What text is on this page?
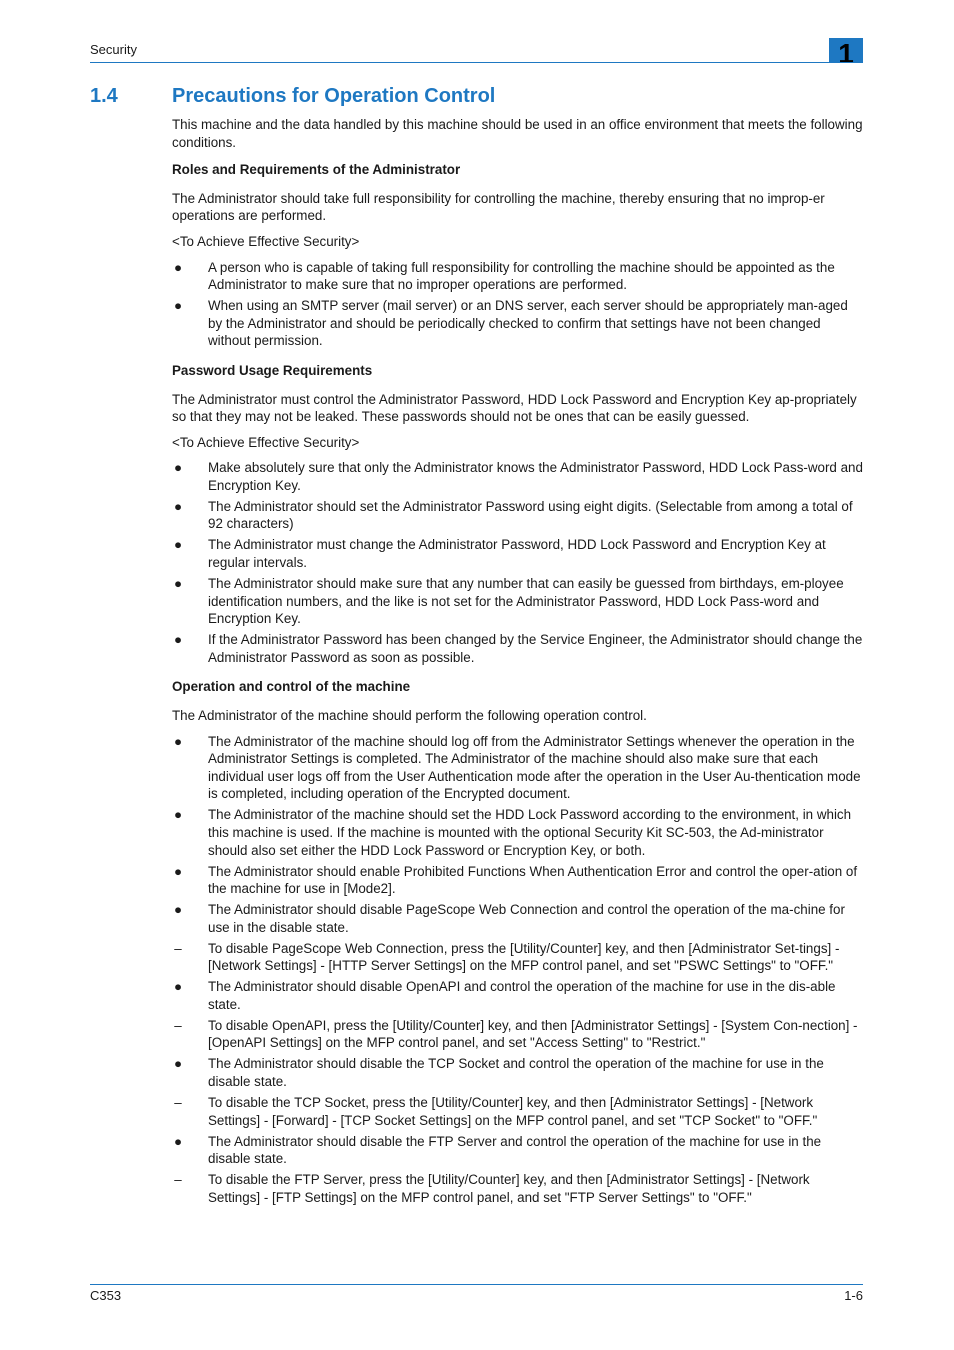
Security	1
1.4	Precautions for Operation Control

This machine and the data handled by this machine should be used in an office environment that meets the following conditions.

Roles and Requirements of the Administrator

The Administrator should take full responsibility for controlling the machine, thereby ensuring that no improp-er operations are performed.

<To Achieve Effective Security>

● A person who is capable of taking full responsibility for controlling the machine should be appointed as the Administrator to make sure that no improper operations are performed.
● When using an SMTP server (mail server) or an DNS server, each server should be appropriately man-aged by the Administrator and should be periodically checked to confirm that settings have not been changed without permission.
Password Usage Requirements

The Administrator must control the Administrator Password, HDD Lock Password and Encryption Key ap-propriately so that they may not be leaked. These passwords should not be ones that can be easily guessed.

<To Achieve Effective Security>

● Make absolutely sure that only the Administrator knows the Administrator Password, HDD Lock Pass-word and Encryption Key.
● The Administrator should set the Administrator Password using eight digits. (Selectable from among a total of 92 characters)
● The Administrator must change the Administrator Password, HDD Lock Password and Encryption Key at regular intervals.
● The Administrator should make sure that any number that can easily be guessed from birthdays, em-ployee identification numbers, and the like is not set for the Administrator Password, HDD Lock Pass-word and Encryption Key.
● If the Administrator Password has been changed by the Service Engineer, the Administrator should change the Administrator Password as soon as possible.
Operation and control of the machine

The Administrator of the machine should perform the following operation control.

● The Administrator of the machine should log off from the Administrator Settings whenever the operation in the Administrator Settings is completed. The Administrator of the machine should also make sure that each individual user logs off from the User Authentication mode after the operation in the User Au-thentication mode is completed, including operation of the Encrypted document.
● The Administrator of the machine should set the HDD Lock Password according to the environment, in which this machine is used. If the machine is mounted with the optional Security Kit SC-503, the Ad-ministrator should also set either the HDD Lock Password or Encryption Key, or both.
● The Administrator should enable Prohibited Functions When Authentication Error and control the oper-ation of the machine for use in [Mode2].
● The Administrator should disable PageScope Web Connection and control the operation of the ma-chine for use in the disable state.
– To disable PageScope Web Connection, press the [Utility/Counter] key, and then [Administrator Set-tings] - [Network Settings] - [HTTP Server Settings] on the MFP control panel, and set "PSWC Settings" to "OFF."
● The Administrator should disable OpenAPI and control the operation of the machine for use in the dis-able state.
– To disable OpenAPI, press the [Utility/Counter] key, and then [Administrator Settings] - [System Con-nection] - [OpenAPI Settings] on the MFP control panel, and set "Access Setting" to "Restrict."
● The Administrator should disable the TCP Socket and control the operation of the machine for use in the disable state.
– To disable the TCP Socket, press the [Utility/Counter] key, and then [Administrator Settings] - [Network Settings] - [Forward] - [TCP Socket Settings] on the MFP control panel, and set "TCP Socket" to "OFF."
● The Administrator should disable the FTP Server and control the operation of the machine for use in the disable state.
– To disable the FTP Server, press the [Utility/Counter] key, and then [Administrator Settings] - [Network Settings] - [FTP Settings] on the MFP control panel, and set "FTP Server Settings" to "OFF."
C353	1-6
